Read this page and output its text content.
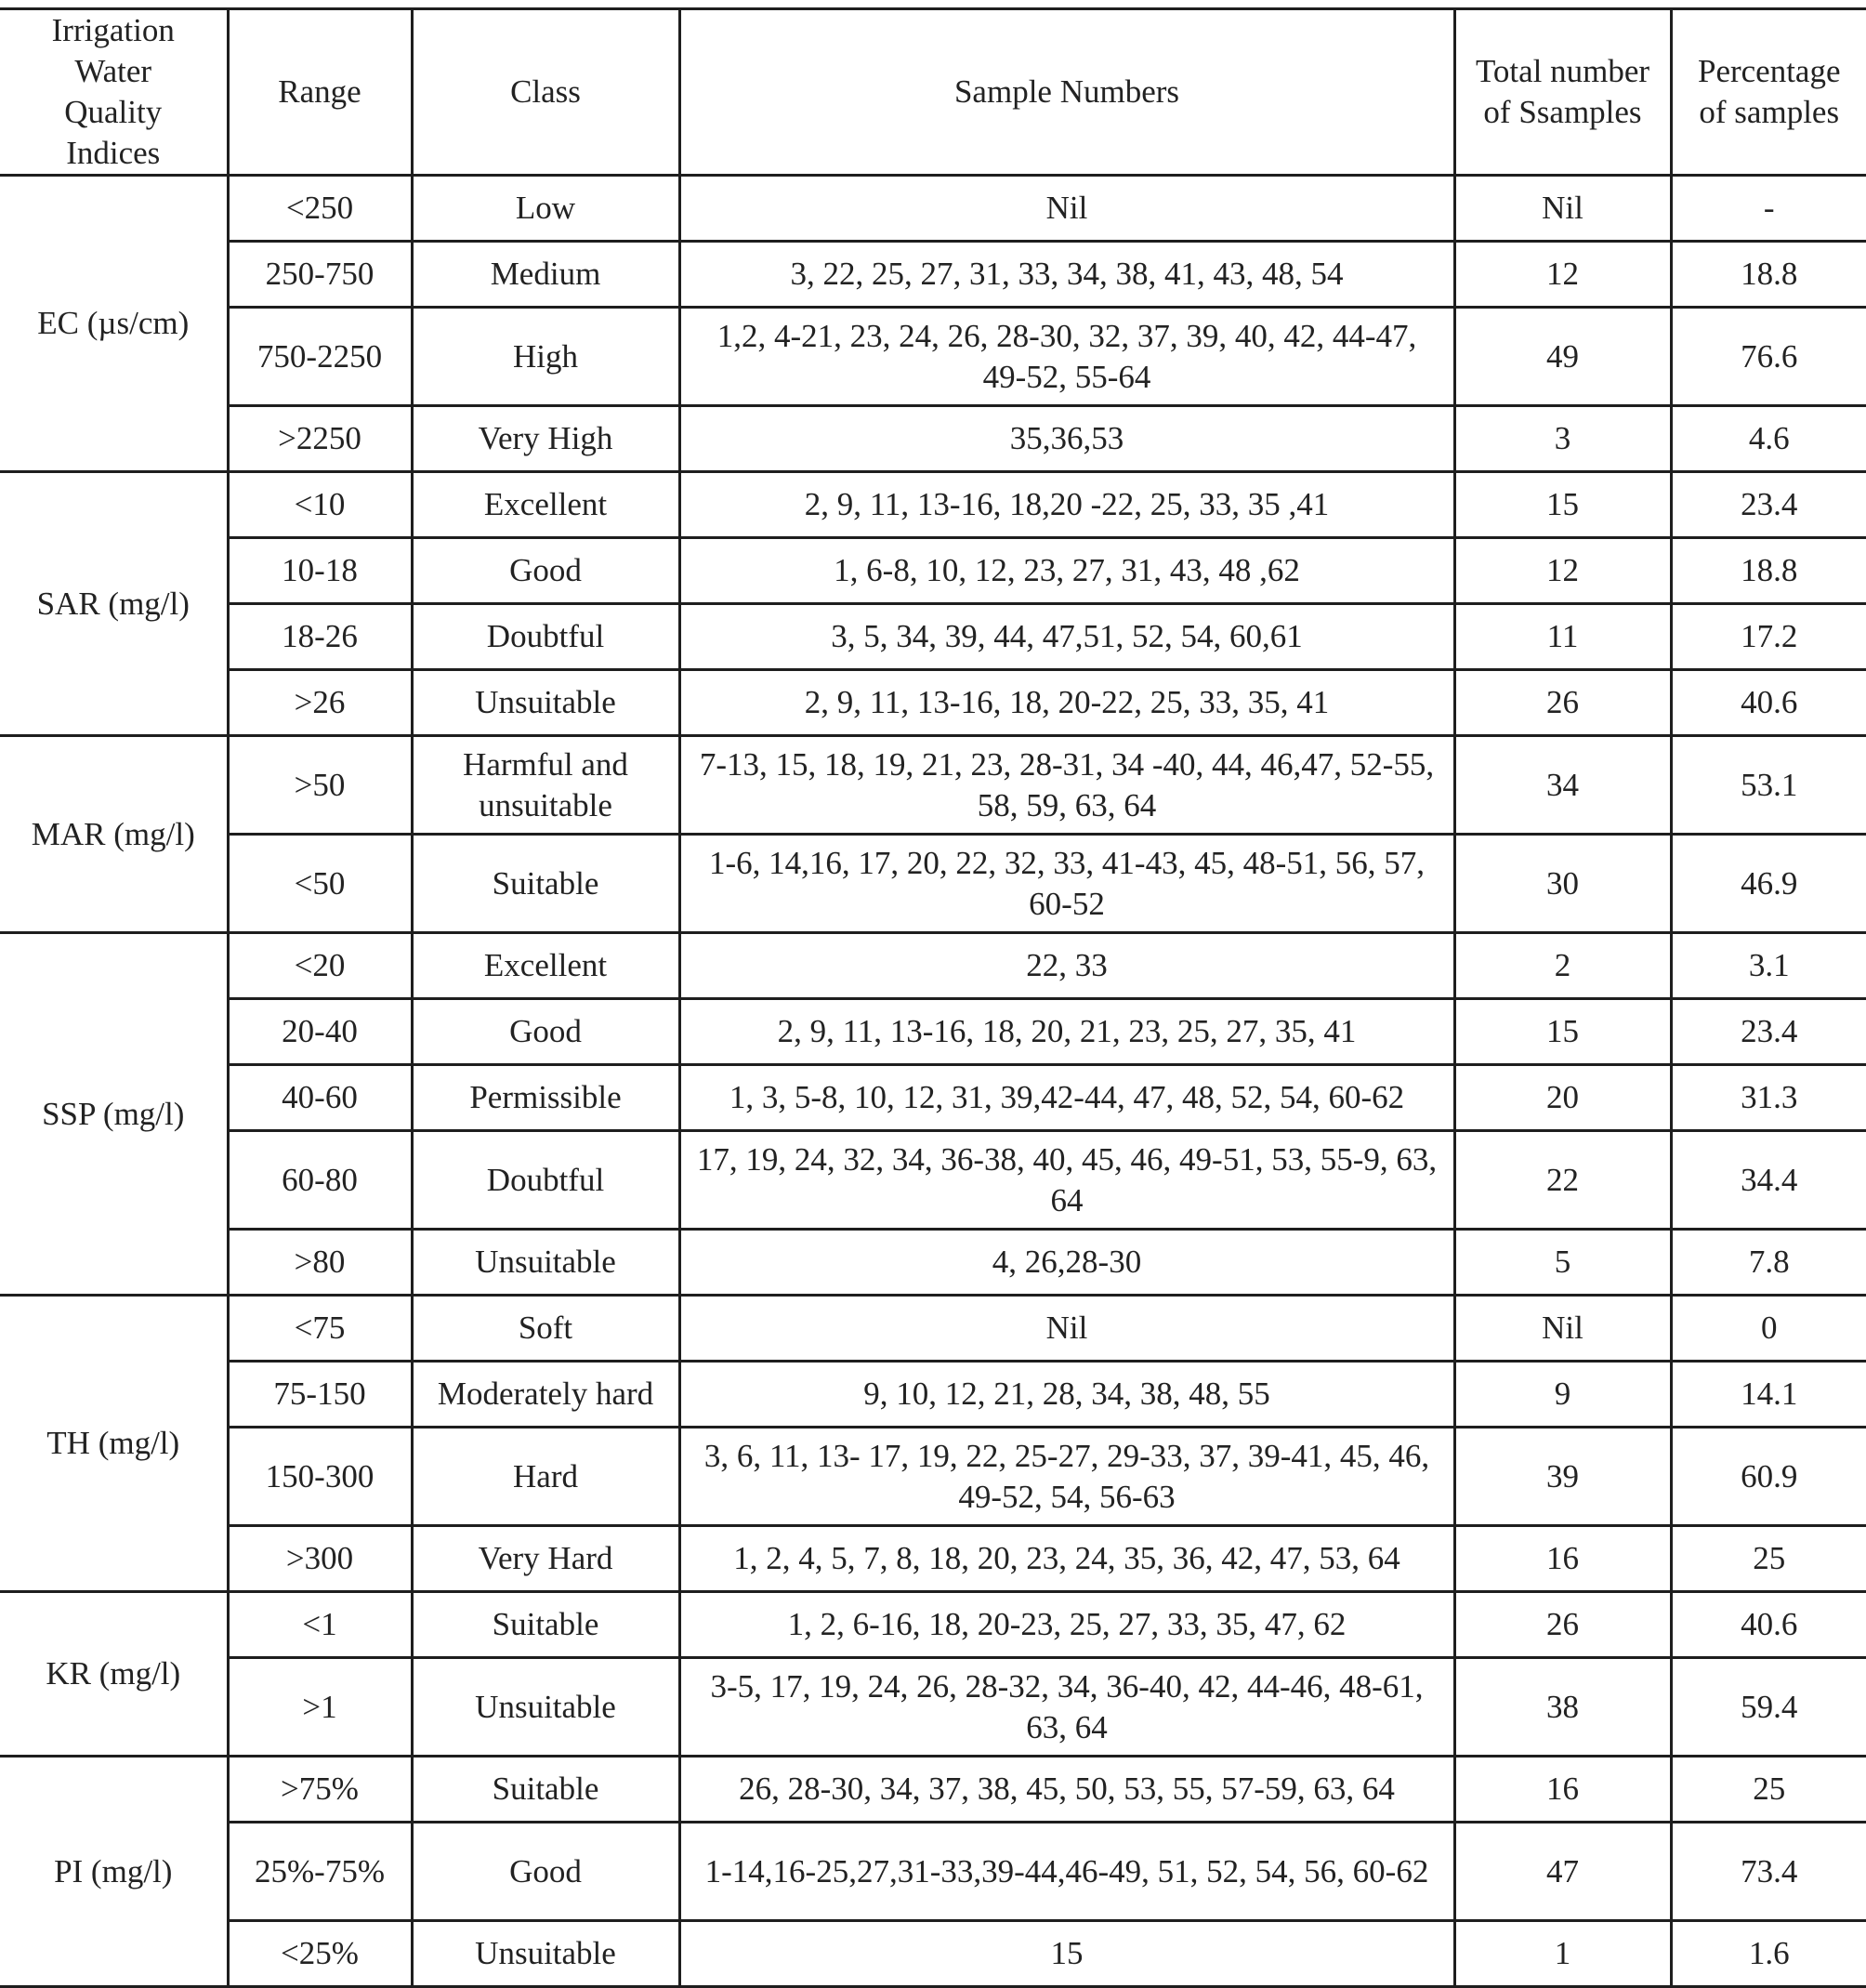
Irrigation Water Quality Indices	Range	Class	Sample Numbers	Total number of Ssamples	Percentage of samples
EC (µs/cm)	<250	Low	Nil	Nil	-
	250-750	Medium	3, 22, 25, 27, 31, 33, 34, 38, 41, 43, 48, 54	12	18.8
	750-2250	High	1,2, 4-21, 23, 24, 26, 28-30, 32, 37, 39, 40, 42, 44-47, 49-52, 55-64	49	76.6
	>2250	Very High	35,36,53	3	4.6
SAR (mg/l)	<10	Excellent	2, 9, 11, 13-16, 18,20 -22, 25, 33, 35 ,41	15	23.4
	10-18	Good	1, 6-8, 10, 12, 23, 27, 31, 43, 48 ,62	12	18.8
	18-26	Doubtful	3, 5, 34, 39, 44, 47,51, 52, 54, 60,61	11	17.2
	>26	Unsuitable	2, 9, 11, 13-16, 18, 20-22, 25, 33, 35, 41	26	40.6
MAR (mg/l)	>50	Harmful and unsuitable	7-13, 15, 18, 19, 21, 23, 28-31, 34 -40, 44, 46,47, 52-55, 58, 59, 63, 64	34	53.1
	<50	Suitable	1-6, 14,16, 17, 20, 22, 32, 33, 41-43, 45, 48-51, 56, 57, 60-52	30	46.9
SSP (mg/l)	<20	Excellent	22, 33	2	3.1
	20-40	Good	2, 9, 11, 13-16, 18, 20, 21, 23, 25, 27, 35, 41	15	23.4
	40-60	Permissible	1, 3, 5-8, 10, 12, 31, 39,42-44, 47, 48, 52, 54, 60-62	20	31.3
	60-80	Doubtful	17, 19, 24, 32, 34, 36-38, 40, 45, 46, 49-51, 53, 55-9, 63, 64	22	34.4
	>80	Unsuitable	4, 26,28-30	5	7.8
TH (mg/l)	<75	Soft	Nil	Nil	0
	75-150	Moderately hard	9, 10, 12, 21, 28, 34, 38, 48, 55	9	14.1
	150-300	Hard	3, 6, 11, 13- 17, 19, 22, 25-27, 29-33, 37, 39-41, 45, 46, 49-52, 54, 56-63	39	60.9
	>300	Very Hard	1, 2, 4, 5, 7, 8, 18, 20, 23, 24, 35, 36, 42, 47, 53, 64	16	25
KR (mg/l)	<1	Suitable	1, 2, 6-16, 18, 20-23, 25, 27, 33, 35, 47, 62	26	40.6
	>1	Unsuitable	3-5, 17, 19, 24, 26, 28-32, 34, 36-40, 42, 44-46, 48-61, 63, 64	38	59.4
PI (mg/l)	>75%	Suitable	26, 28-30, 34, 37, 38, 45, 50, 53, 55, 57-59, 63, 64	16	25
	25%-75%	Good	1-14,16-25,27,31-33,39-44,46-49, 51, 52, 54, 56, 60-62	47	73.4
	<25%	Unsuitable	15	1	1.6
